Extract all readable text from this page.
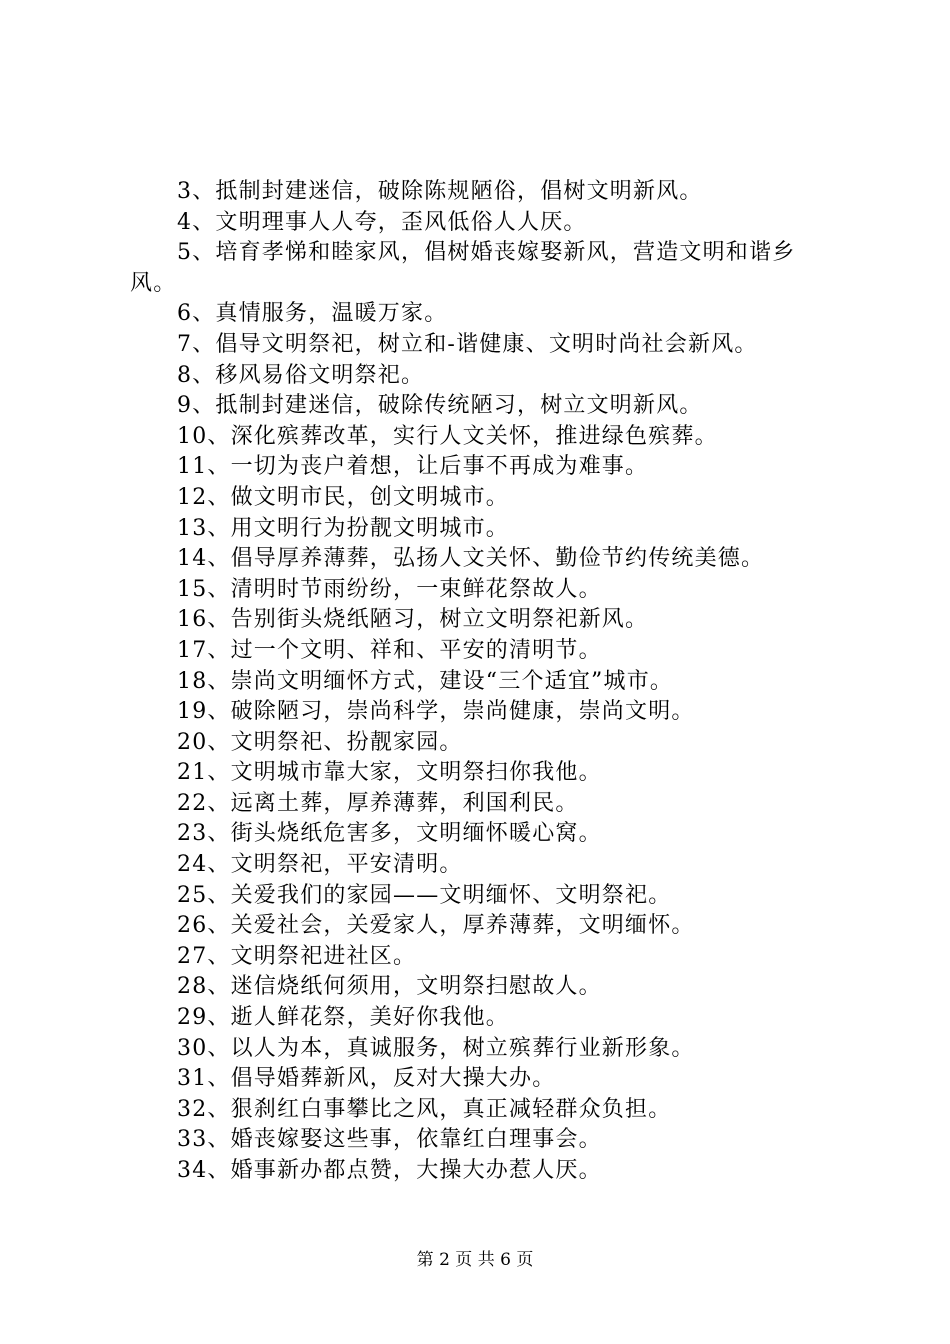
3、抵制封建迷信，破除陈规陋俗，倡树文明新风。
4、文明理事人人夸，歪风低俗人人厌。
5、培育孝悌和睦家风，倡树婚丧嫁娶新风，营造文明和谐乡风。
6、真情服务，温暖万家。
7、倡导文明祭祀，树立和-谐健康、文明时尚社会新风。
8、移风易俗文明祭祀。
9、抵制封建迷信，破除传统陋习，树立文明新风。
10、深化殡葬改革，实行人文关怀，推进绿色殡葬。
11、一切为丧户着想，让后事不再成为难事。
12、做文明市民，创文明城市。
13、用文明行为扮靓文明城市。
14、倡导厚养薄葬，弘扬人文关怀、勤俭节约传统美德。
15、清明时节雨纷纷，一束鲜花祭故人。
16、告别街头烧纸陋习，树立文明祭祀新风。
17、过一个文明、祥和、平安的清明节。
18、崇尚文明缅怀方式，建设“三个适宜”城市。
19、破除陋习，崇尚科学，崇尚健康，崇尚文明。
20、文明祭祀、扮靓家园。
21、文明城市靠大家，文明祭扫你我他。
22、远离土葬，厚养薄葬，利国利民。
23、街头烧纸危害多，文明缅怀暖心窝。
24、文明祭祀，平安清明。
25、关爱我们的家园——文明缅怀、文明祭祀。
26、关爱社会，关爱家人，厚养薄葬，文明缅怀。
27、文明祭祀进社区。
28、迷信烧纸何须用，文明祭扫慰故人。
29、逝人鲜花祭，美好你我他。
30、以人为本，真诚服务，树立殡葬行业新形象。
31、倡导婚葬新风，反对大操大办。
32、狠刹红白事攀比之风，真正减轻群众负担。
33、婚丧嫁娶这些事，依靠红白理事会。
34、婚事新办都点赞，大操大办惹人厌。
第 2 页 共 6 页
